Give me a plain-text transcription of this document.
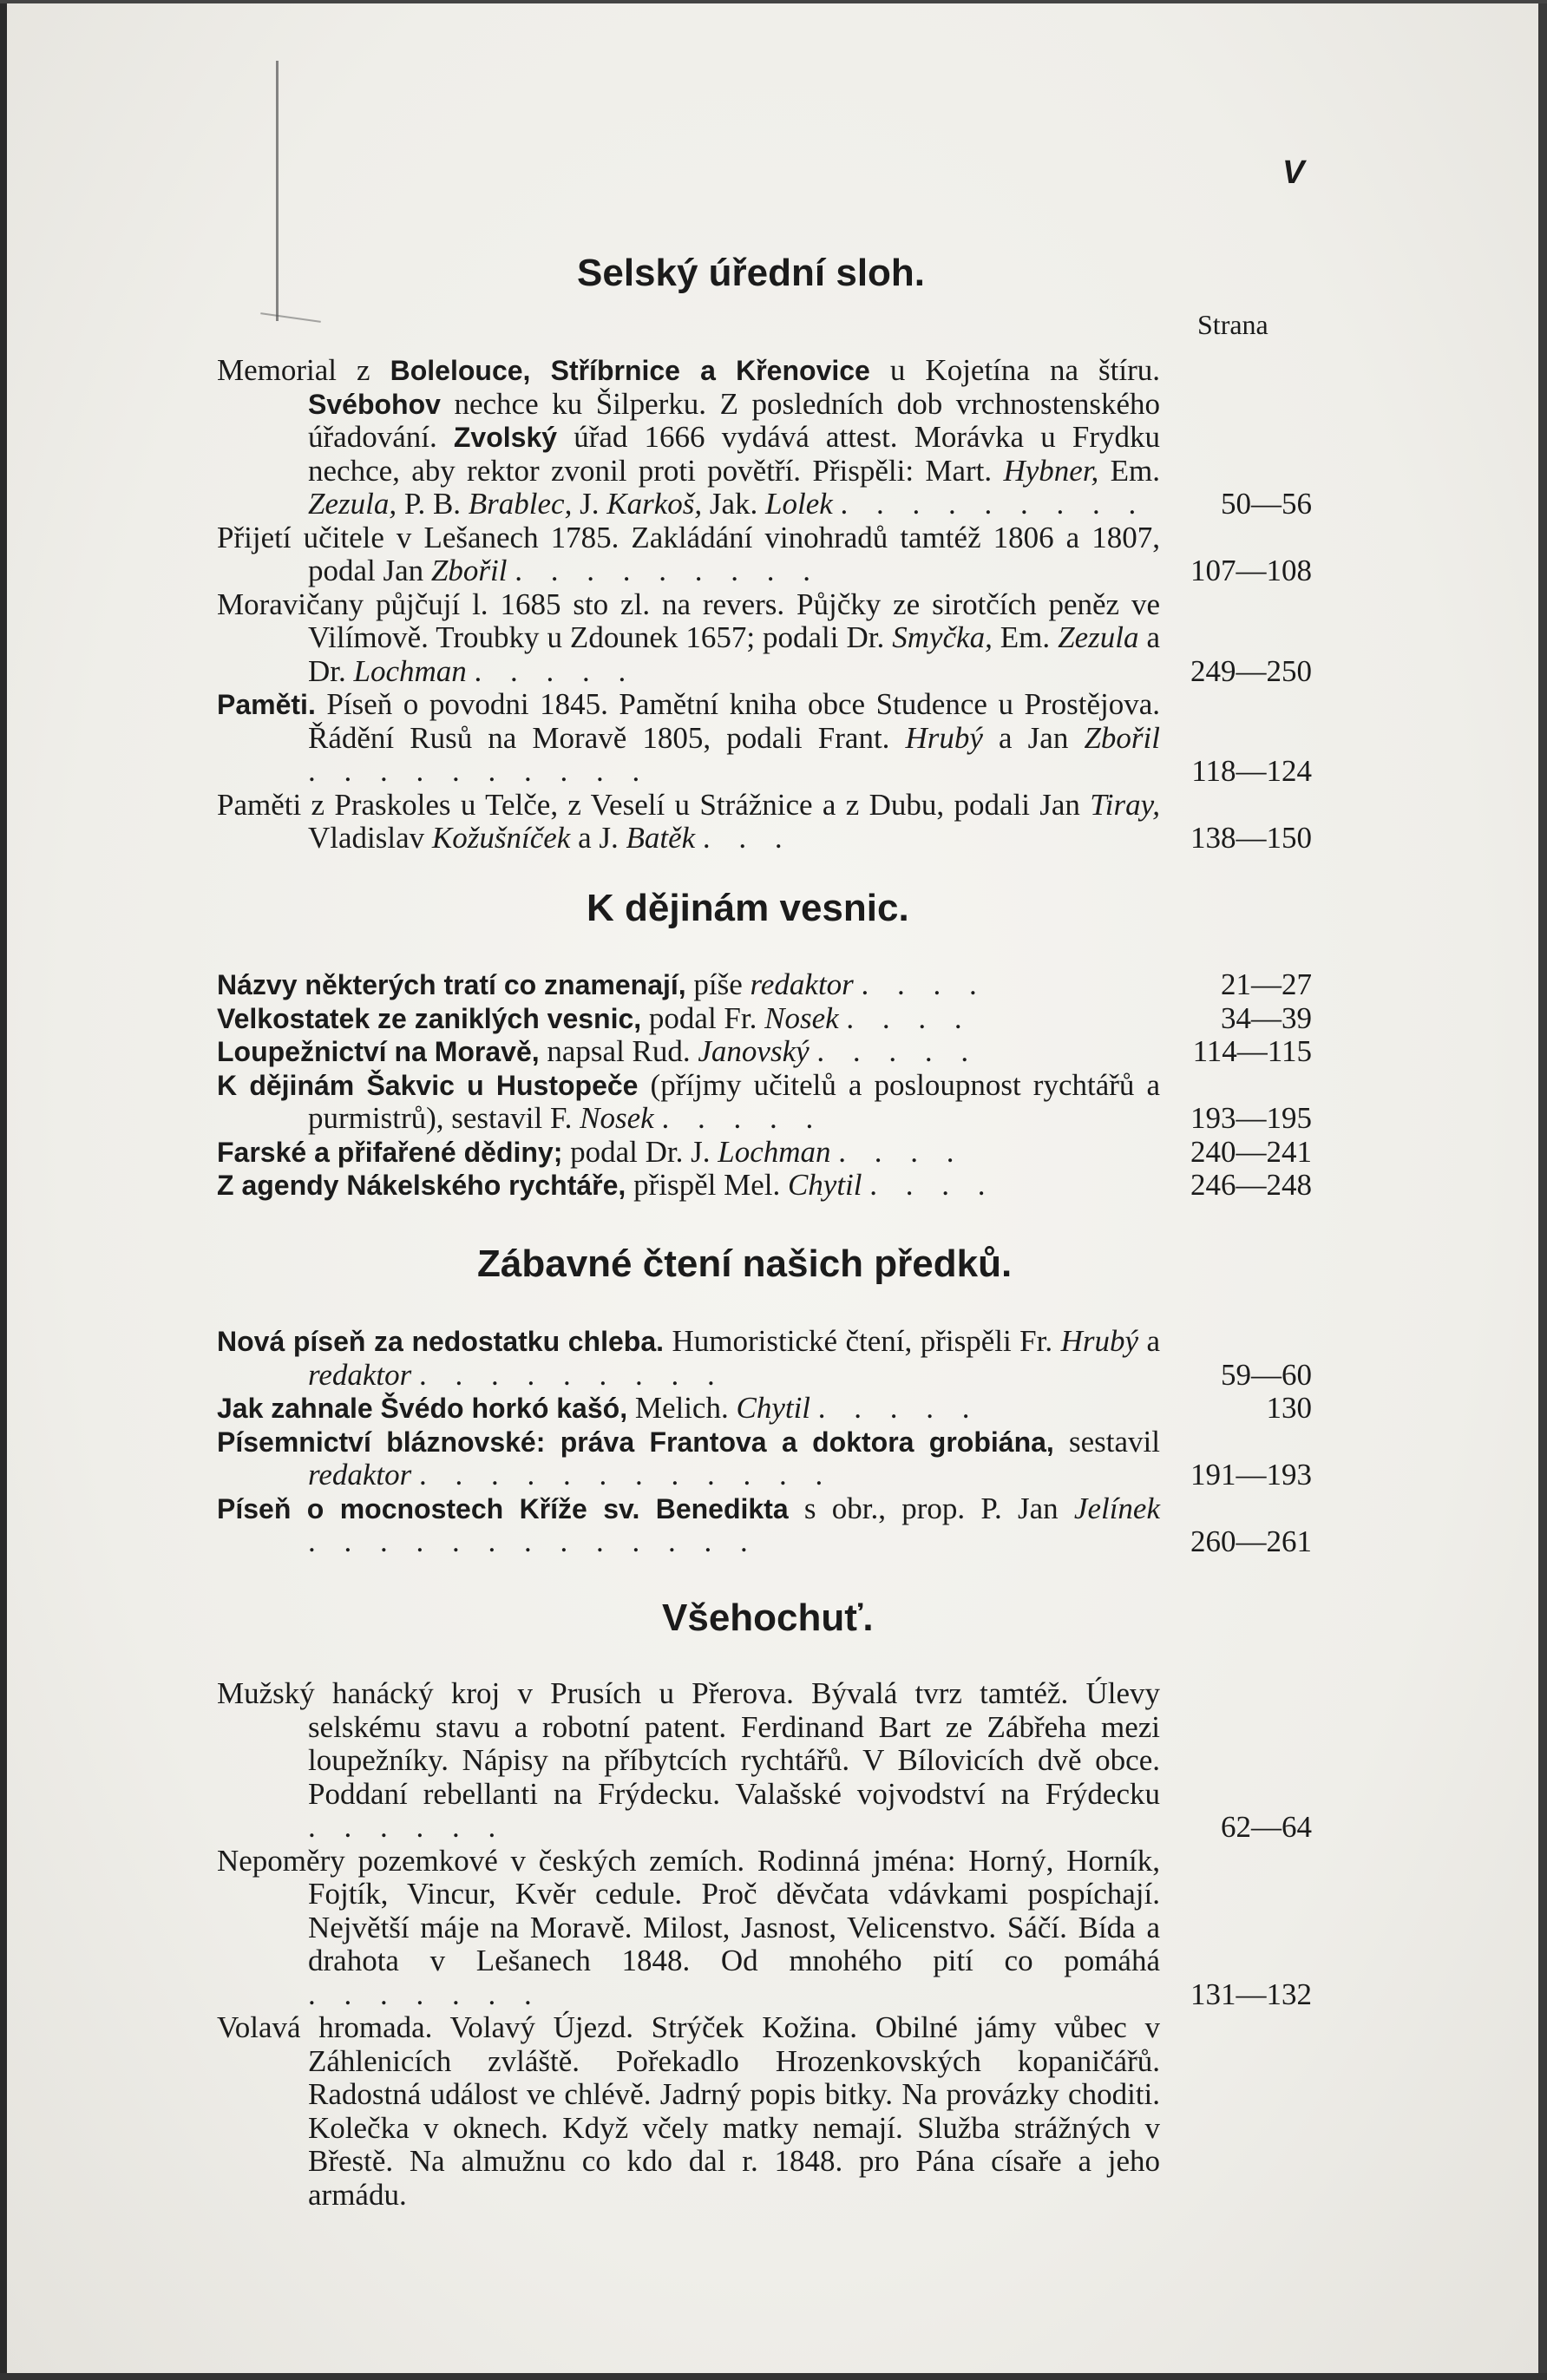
V
Strana
Selský úřední sloh.
Memorial z Bolelouce, Stříbrnice a Křenovice u Kojetína na štíru. Svébohov nechce ku Šilperku. Z posledních dob vrchnostenského úřadování. Zvolský úřad 1666 vydává attest. Morávka u Frydku nechce, aby rektor zvonil proti povětří. Přispěli: Mart. Hybner, Em. Zezula, P. B. Brablec, J. Karkoš, Jak. Lolek . . . . . . . . .	50—56
Přijetí učitele v Lešanech 1785. Zakládání vinohradů tamtéž 1806 a 1807, podal Jan Zbořil . . . . . . . . .	107—108
Moravičany půjčují l. 1685 sto zl. na revers. Půjčky ze sirotčích peněz ve Vilímově. Troubky u Zdounek 1657; podali Dr. Smyčka, Em. Zezula a Dr. Lochman . . . . .	249—250
Paměti. Píseň o povodni 1845. Pamětní kniha obce Studence u Prostějova. Řádění Rusů na Moravě 1805, podali Frant. Hrubý a Jan Zbořil . . . . . . . . . .	118—124
Paměti z Praskoles u Telče, z Veselí u Strážnice a z Dubu, podali Jan Tiray, Vladislav Kožušníček a J. Batěk . . .	138—150
K dějinám vesnic.
Názvy některých tratí co znamenají, píše redaktor . . . .	21—27
Velkostatek ze zaniklých vesnic, podal Fr. Nosek . . . .	34—39
Loupežnictví na Moravě, napsal Rud. Janovský . . . . .	114—115
K dějinám Šakvic u Hustopeče (příjmy učitelů a posloupnost rychtářů a purmistrů), sestavil F. Nosek . . . . .	193—195
Farské a přifařené dědiny; podal Dr. J. Lochman . . . .	240—241
Z agendy Nákelského rychtáře, přispěl Mel. Chytil . . . .	246—248
Zábavné čtení našich předků.
Nová píseň za nedostatku chleba. Humoristické čtení, přispěli Fr. Hrubý a redaktor . . . . . . . . .	59—60
Jak zahnale Švédo horkó kašó, Melich. Chytil . . . . .	130
Písemnictví bláznovské: práva Frantova a doktora grobiána, sestavil redaktor . . . . . . . . . . . .	191—193
Píseň o mocnostech Kříže sv. Benedikta s obr., prop. P. Jan Jelínek . . . . . . . . . . . . .	260—261
Všehochuť.
Mužský hanácký kroj v Prusích u Přerova. Bývalá tvrz tamtéž. Úlevy selskému stavu a robotní patent. Ferdinand Bart ze Zábřeha mezi loupežníky. Nápisy na příbytcích rychtářů. V Bílovicích dvě obce. Poddaní rebellanti na Frýdecku. Valašské vojvodství na Frýdecku . . . . . .	62—64
Nepoměry pozemkové v českých zemích. Rodinná jména: Horný, Horník, Fojtík, Vincur, Kvěr cedule. Proč děvčata vdávkami pospíchají. Největší máje na Moravě. Milost, Jasnost, Velicenstvo. Sáčí. Bída a drahota v Lešanech 1848. Od mnohého pití co pomáhá . . . . . . .	131—132
Volavá hromada. Volavý Újezd. Strýček Kožina. Obilné jámy vůbec v Záhlenicích zvláště. Pořekadlo Hrozenkovských kopaničářů. Radostná událost ve chlévě. Jadrný popis bitky. Na provázky choditi. Kolečka v oknech. Když včely matky nemají. Služba strážných v Břestě. Na almužnu co kdo dal r. 1848. pro Pána císaře a jeho armádu.
